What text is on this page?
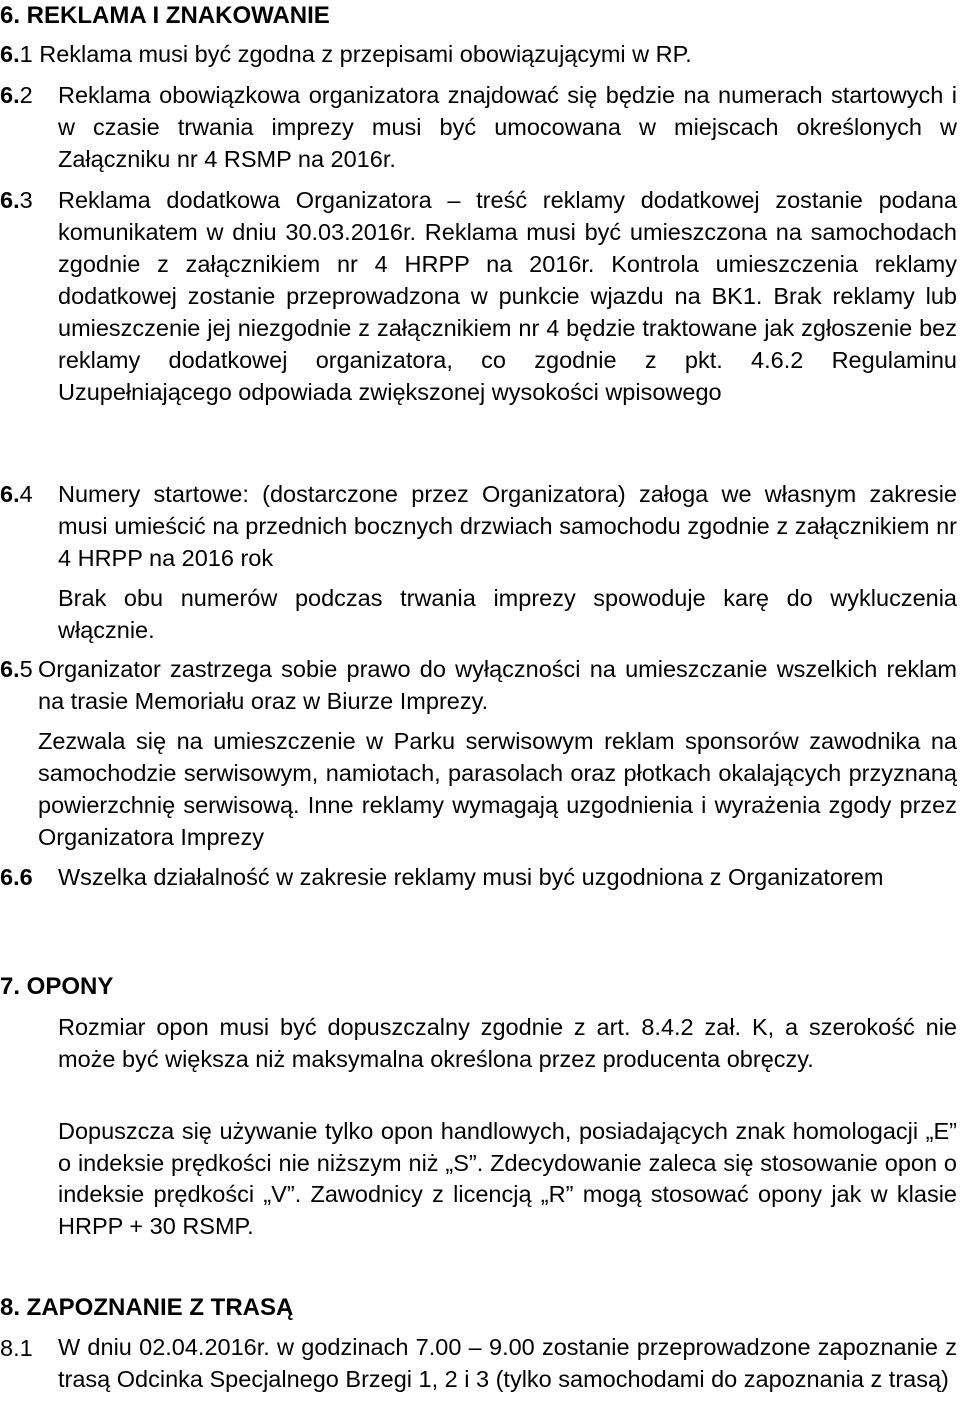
6. REKLAMA I ZNAKOWANIE
6.1 Reklama musi być zgodna z przepisami obowiązującymi w RP.
6.2 Reklama obowiązkowa organizatora znajdować się będzie na numerach startowych i w czasie trwania imprezy musi być umocowana w miejscach określonych w Załączniku nr 4 RSMP na 2016r.
6.3 Reklama dodatkowa Organizatora – treść reklamy dodatkowej zostanie podana komunikatem w dniu 30.03.2016r. Reklama musi być umieszczona na samochodach zgodnie z załącznikiem nr 4 HRPP na 2016r. Kontrola umieszczenia reklamy dodatkowej zostanie przeprowadzona w punkcie wjazdu na BK1. Brak reklamy lub umieszczenie jej niezgodnie z załącznikiem nr 4 będzie traktowane jak zgłoszenie bez reklamy dodatkowej organizatora, co zgodnie z pkt. 4.6.2 Regulaminu Uzupełniającego odpowiada zwiększonej wysokości wpisowego
6.4 Numery startowe: (dostarczone przez Organizatora) załoga we własnym zakresie musi umieścić na przednich bocznych drzwiach samochodu zgodnie z załącznikiem nr 4 HRPP na 2016 rok
Brak obu numerów podczas trwania imprezy spowoduje karę do wykluczenia włącznie.
6.5 Organizator zastrzega sobie prawo do wyłączności na umieszczanie wszelkich reklam na trasie Memoriału oraz w Biurze Imprezy.
Zezwala się na umieszczenie w Parku serwisowym reklam sponsorów zawodnika na samochodzie serwisowym, namiotach, parasolach oraz płotkach okalających przyznaną powierzchnię serwisową. Inne reklamy wymagają uzgodnienia i wyrażenia zgody przez Organizatora Imprezy
6.6	Wszelka działalność w zakresie reklamy musi być uzgodniona z Organizatorem
7. OPONY
Rozmiar opon musi być dopuszczalny zgodnie z art. 8.4.2 zał. K, a szerokość nie może być większa niż maksymalna określona przez producenta obręczy.
Dopuszcza się używanie tylko opon handlowych, posiadających znak homologacji „E” o indeksie prędkości nie niższym niż „S”. Zdecydowanie zaleca się stosowanie opon o indeksie prędkości „V”. Zawodnicy z licencją „R” mogą stosować opony jak w klasie HRPP + 30 RSMP.
8. ZAPOZNANIE Z TRASĄ
8.1	W dniu 02.04.2016r. w godzinach 7.00 – 9.00 zostanie przeprowadzone zapoznanie z trasą Odcinka Specjalnego Brzegi 1, 2 i 3 (tylko samochodami do zapoznania z trasą)
